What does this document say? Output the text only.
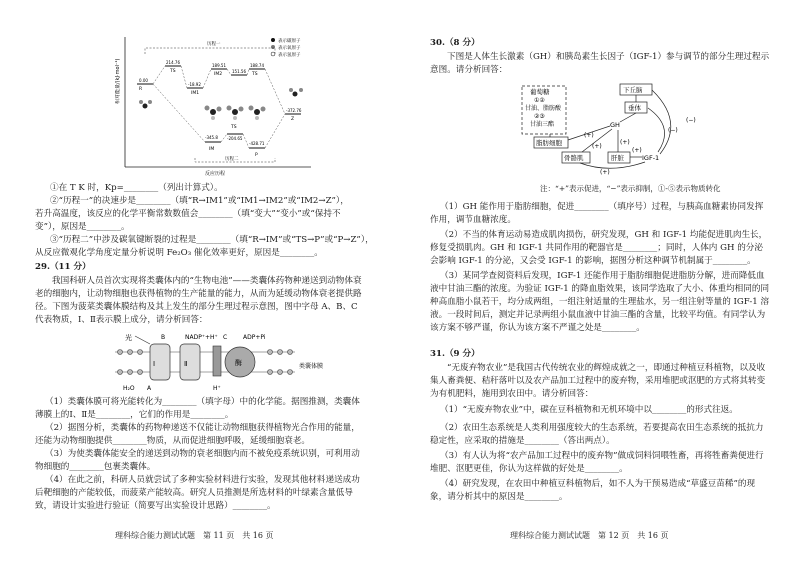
相对能量/(kJ·mol⁻¹)
反应历程
表示碳原子
表示氧原子
表示氢原子
历程一
R
TS
IM1
IM2	TS
Z
0.00
214.76
-18.92
189.51
151.56
188.74
-372.76
IM
TS
P
-345.8 -204.65
-428.71
历程二
①在 T K 时，Kp=________（列出计算式）。
②“历程一”的决速步是________（填“R→IM1”或“IM1→IM2”或“IM2→Z”），
若升高温度，该反应的化学平衡常数数值会________（填“变大”“变小”或“保持不
变”），原因是________。
③“历程二”中涉及碳氧键断裂的过程是________（填“R→IM”或“TS→P”或“P→Z”），
从反应微观化学角度定量分析说明 Fe₂O₃ 催化效率更好，原因是________。
29.（11 分）
我国科研人员首次实现将类囊体内的“生物电池”——类囊体药物种递送到动物体衰老的细胞内，让动物细胞也获得植物的生产能量的能力，从而为延缓动物体衰老提供路径。下图为菠菜类囊体膜结构及其上发生的部分生理过程示意图，图中字母 A、B、C 代表物质，Ⅰ、Ⅱ表示膜上成分，请分析回答：
Ⅰ	Ⅱ	酶
光	B	NADP⁺+H⁺ C	ADP+Pi
类囊体膜
H₂O A	H⁺
（1）类囊体膜可将光能转化为________（填字母）中的化学能。据图推测，类囊体薄膜上的Ⅰ、Ⅱ是________，它们的作用是________。
（2）据图分析，类囊体的药物种递送不仅能让动物细胞获得植物光合作用的能量，还能为动物细胞提供________物质，从而促进细胞呼吸，延缓细胞衰老。
（3）为使类囊体能安全的递送到动物的衰老细胞内而不被免疫系统识别，可利用动物细胞的________包裹类囊体。
（4）在此之前，科研人员就尝试了多种实验材料进行实验，发现其他材料递送成功后靶细胞的产能较低，而菠菜产能较高。研究人员推测是所选材料的叶绿素含量低导致，请设计实验进行验证（简要写出实验设计思路）________。
理科综合能力测试试题　第 11 页　共 16 页
30.（8 分）
下图是人体生长激素（GH）和胰岛素生长因子（IGF-1）参与调节的部分生理过程示意图。请分析回答：
葡萄糖
①②
甘油、脂肪酸
②③
甘油三酯
下丘脑
垂体
GH
脂肪细胞
骨骼肌	肝脏	IGF-1
(−)
(−)
(+)
(+)
(+)
(+)
(+)
注：“+”表示促进，“−”表示抑制，①-⑤表示物质转化
（1）GH 能作用于脂肪细胞，促进________（填序号）过程，与胰高血糖素协同发挥作用，调节血糖浓度。
（2）不当的体育运动易造成肌肉损伤，研究发现，GH 和 IGF-1 均能促进肌肉生长，修复受损肌肉。GH 和 IGF-1 共同作用的靶器官是________；同时，人体内 GH 的分泌会影响 IGF-1 的分泌，又会受 IGF-1 的影响，据图分析这种调节机制属于________。
（3）某同学查阅资料后发现，IGF-1 还能作用于脂肪细胞促进脂肪分解，进而降低血液中甘油三酯的浓度。为验证 IGF-1 的降血脂效果，该同学选取了大小、体重均相同的同种高血脂小鼠若干，均分成两组，一组注射适量的生理盐水，另一组注射等量的 IGF-1 溶液。一段时间后，测定并记录两组小鼠血液中甘油三酯的含量，比较平均值。有同学认为该方案不够严谨，你认为该方案不严谨之处是________。
31.（9 分）
“无废弃物农业”是我国古代传统农业的辉煌成就之一，即通过种植豆科植物，以及收集人畜粪便、秸秆落叶以及农产品加工过程中的废弃物，采用堆肥或沤肥的方式将其转变为有机肥料，施用到农田中。请分析回答：
（1）“无废弃物农业”中，碳在豆科植物和无机环境中以________的形式往返。
（2）农田生态系统是人类利用强度较大的生态系统，若要提高农田生态系统的抵抗力稳定性，应采取的措施是________（答出两点）。
（3）有人认为将“农产品加工过程中的废弃物”做成饲料饲喂牲畜，再将牲畜粪便进行堆肥、沤肥更佳，你认为这样做的好处是________。
（4）研究发现，在农田中种植豆科植物后，如不人为干预易造成“草盛豆苗稀”的现象，请分析其中的原因是________。
理科综合能力测试试题　第 12 页　共 16 页
